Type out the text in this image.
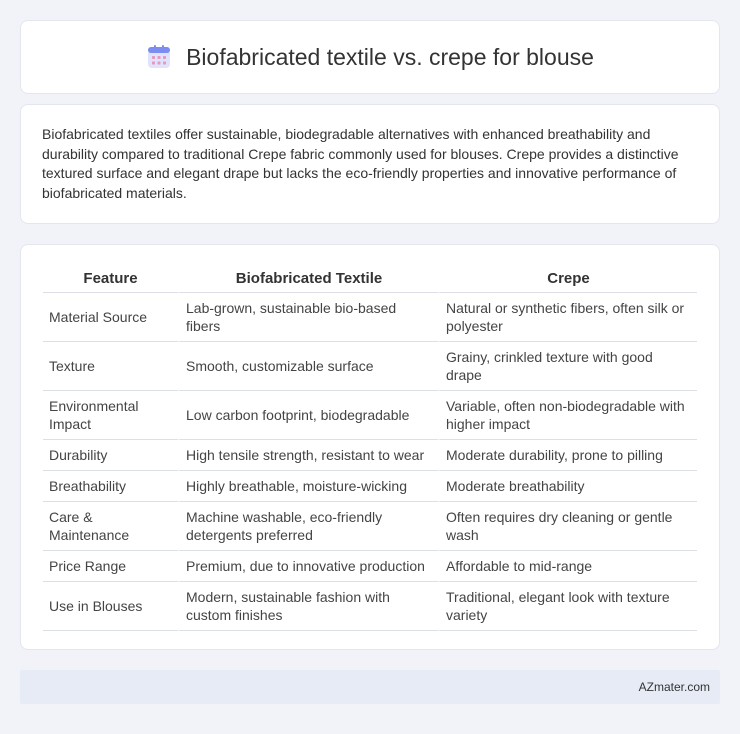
Biofabricated textile vs. crepe for blouse

Biofabricated textiles offer sustainable, biodegradable alternatives with enhanced breathability and durability compared to traditional Crepe fabric commonly used for blouses. Crepe provides a distinctive textured surface and elegant drape but lacks the eco-friendly properties and innovative performance of biofabricated materials.

Feature	Biofabricated Textile	Crepe
Material Source	Lab-grown, sustainable bio-based fibers	Natural or synthetic fibers, often silk or polyester
Texture	Smooth, customizable surface	Grainy, crinkled texture with good drape
Environmental Impact	Low carbon footprint, biodegradable	Variable, often non-biodegradable with higher impact
Durability	High tensile strength, resistant to wear	Moderate durability, prone to pilling
Breathability	Highly breathable, moisture-wicking	Moderate breathability
Care & Maintenance	Machine washable, eco-friendly detergents preferred	Often requires dry cleaning or gentle wash
Price Range	Premium, due to innovative production	Affordable to mid-range
Use in Blouses	Modern, sustainable fashion with custom finishes	Traditional, elegant look with texture variety
AZmater.com
